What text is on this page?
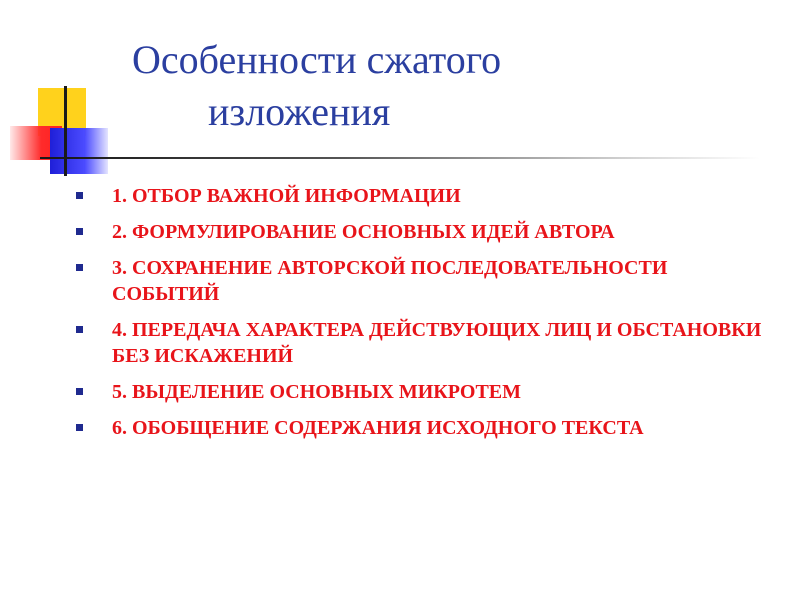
Особенности сжатого
изложения
1. ОТБОР ВАЖНОЙ ИНФОРМАЦИИ
2. ФОРМУЛИРОВАНИЕ ОСНОВНЫХ ИДЕЙ АВТОРА
3. СОХРАНЕНИЕ АВТОРСКОЙ ПОСЛЕДОВАТЕЛЬНОСТИ СОБЫТИЙ
4. ПЕРЕДАЧА ХАРАКТЕРА ДЕЙСТВУЮЩИХ ЛИЦ И ОБСТАНОВКИ БЕЗ ИСКАЖЕНИЙ
5. ВЫДЕЛЕНИЕ ОСНОВНЫХ МИКРОТЕМ
6. ОБОБЩЕНИЕ СОДЕРЖАНИЯ ИСХОДНОГО ТЕКСТА
